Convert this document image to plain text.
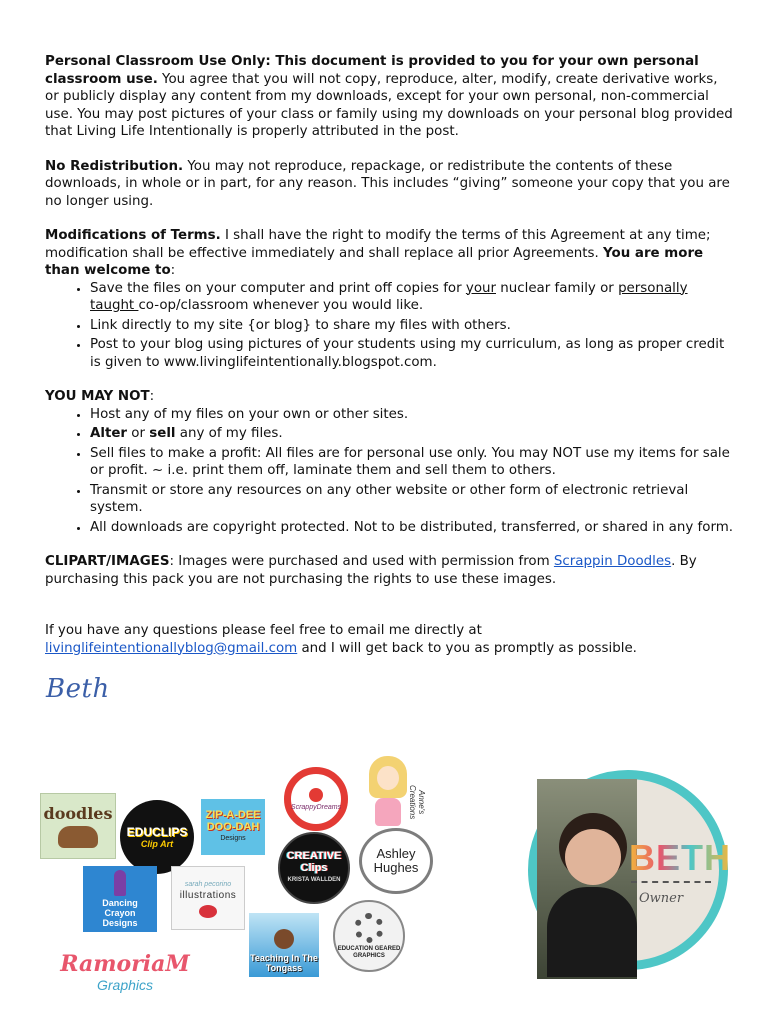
Personal Classroom Use Only: This document is provided to you for your own personal classroom use. You agree that you will not copy, reproduce, alter, modify, create derivative works, or publicly display any content from my downloads, except for your own personal, non-commercial use. You may post pictures of your class or family using my downloads on your personal blog provided that Living Life Intentionally is properly attributed in the post.

No Redistribution. You may not reproduce, repackage, or redistribute the contents of these downloads, in whole or in part, for any reason. This includes “giving” someone your copy that you are no longer using.

Modifications of Terms. I shall have the right to modify the terms of this Agreement at any time; modification shall be effective immediately and shall replace all prior Agreements. You are more than welcome to:

• Save the files on your computer and print off copies for your nuclear family or personally taught co-op/classroom whenever you would like.
• Link directly to my site {or blog} to share my files with others.
• Post to your blog using pictures of your students using my curriculum, as long as proper credit is given to www.livinglifeintentionally.blogspot.com.

YOU MAY NOT:

• Host any of my files on your own or other sites.
• Alter or sell any of my files.
• Sell files to make a profit: All files are for personal use only. You may NOT use my items for sale or profit. ~ i.e. print them off, laminate them and sell them to others.
• Transmit or store any resources on any other website or other form of electronic retrieval system.
• All downloads are copyright protected. Not to be distributed, transferred, or shared in any form.

CLIPART/IMAGES: Images were purchased and used with permission from Scrappin Doodles. By purchasing this pack you are not purchasing the rights to use these images.

If you have any questions please feel free to email me directly at
livinglifeintentionallyblog@gmail.com and I will get back to you as promptly as possible.

Beth
doodles
EDUCLIPS
Clip Art
ZIP-A-DEE DOO-DAH
Designs
ScrappyDreams	Anne's Creations
CREATIVE Clips
KRISTA WALLDEN
Ashley Hughes
Dancing Crayon Designs
sarah pecorino
illustrations
Teaching In The Tongass
EDUCATION GEARED GRAPHICS
RamoriaM
Graphics
BETH
Owner
